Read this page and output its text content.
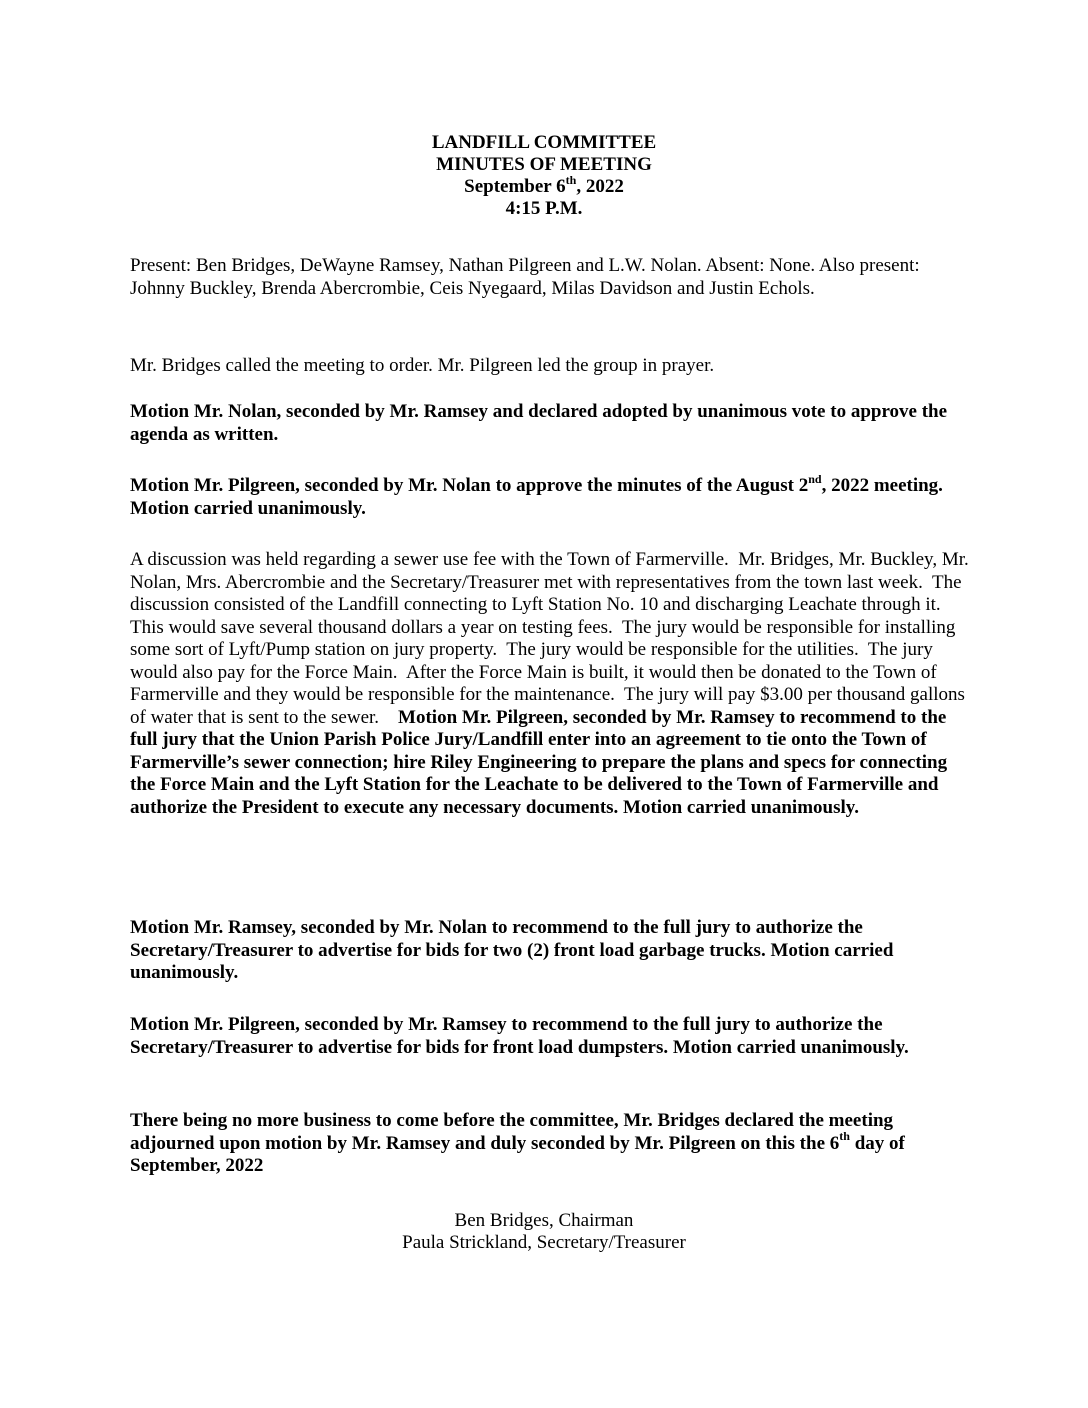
LANDFILL COMMITTEE
MINUTES OF MEETING
September 6th, 2022
4:15 P.M.

Present: Ben Bridges, DeWayne Ramsey, Nathan Pilgreen and L.W. Nolan. Absent: None. Also present: Johnny Buckley, Brenda Abercrombie, Ceis Nyegaard, Milas Davidson and Justin Echols.

Mr. Bridges called the meeting to order. Mr. Pilgreen led the group in prayer.

Motion Mr. Nolan, seconded by Mr. Ramsey and declared adopted by unanimous vote to approve the agenda as written.

Motion Mr. Pilgreen, seconded by Mr. Nolan to approve the minutes of the August 2nd, 2022 meeting. Motion carried unanimously.

A discussion was held regarding a sewer use fee with the Town of Farmerville.  Mr. Bridges, Mr. Buckley, Mr. Nolan, Mrs. Abercrombie and the Secretary/Treasurer met with representatives from the town last week.  The discussion consisted of the Landfill connecting to Lyft Station No. 10 and discharging Leachate through it.  This would save several thousand dollars a year on testing fees.  The jury would be responsible for installing some sort of Lyft/Pump station on jury property.  The jury would be responsible for the utilities.  The jury would also pay for the Force Main.  After the Force Main is built, it would then be donated to the Town of Farmerville and they would be responsible for the maintenance.  The jury will pay $3.00 per thousand gallons of water that is sent to the sewer.    Motion Mr. Pilgreen, seconded by Mr. Ramsey to recommend to the full jury that the Union Parish Police Jury/Landfill enter into an agreement to tie onto the Town of Farmerville’s sewer connection; hire Riley Engineering to prepare the plans and specs for connecting the Force Main and the Lyft Station for the Leachate to be delivered to the Town of Farmerville and authorize the President to execute any necessary documents. Motion carried unanimously.

Motion Mr. Ramsey, seconded by Mr. Nolan to recommend to the full jury to authorize the Secretary/Treasurer to advertise for bids for two (2) front load garbage trucks. Motion carried unanimously.

Motion Mr. Pilgreen, seconded by Mr. Ramsey to recommend to the full jury to authorize the Secretary/Treasurer to advertise for bids for front load dumpsters. Motion carried unanimously.

There being no more business to come before the committee, Mr. Bridges declared the meeting adjourned upon motion by Mr. Ramsey and duly seconded by Mr. Pilgreen on this the 6th day of September, 2022

Ben Bridges, Chairman
Paula Strickland, Secretary/Treasurer
